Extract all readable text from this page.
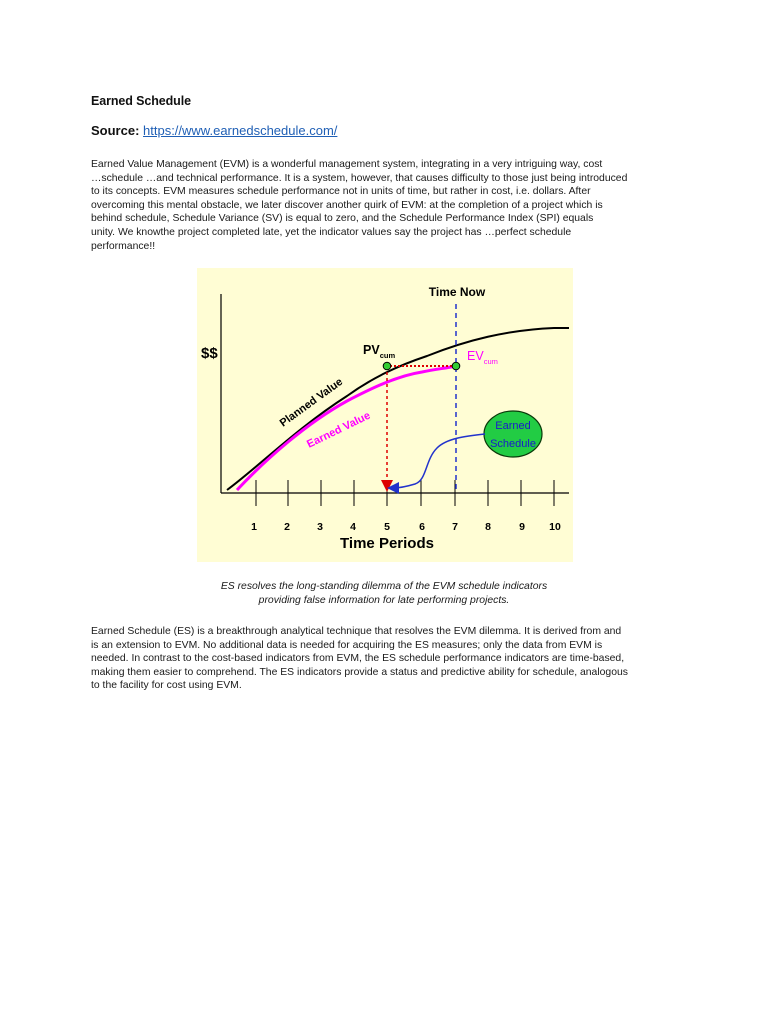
Earned Schedule
Source: https://www.earnedschedule.com/
Earned Value Management (EVM) is a wonderful management system, integrating in a very intriguing way, cost
…schedule …and technical performance. It is a system, however, that causes difficulty to those just being introduced
to its concepts. EVM measures schedule performance not in units of time, but rather in cost, i.e. dollars. After
overcoming this mental obstacle, we later discover another quirk of EVM: at the completion of a project which is
behind schedule, Schedule Variance (SV) is equal to zero, and the Schedule Performance Index (SPI) equals
unity. We knowthe project completed late, yet the indicator values say the project has …perfect schedule
performance!!
1	2	3	4	5	6	7	8	9 10
$$
Time Periods
Time Now
$PV_{cum}$	$EV_{cum}$
Planned Value
Earned Value	Earned
Schedule
ES resolves the long-standing dilemma of the EVM schedule indicators
providing false information for late performing projects.
Earned Schedule (ES) is a breakthrough analytical technique that resolves the EVM dilemma. It is derived from and
is an extension to EVM. No additional data is needed for acquiring the ES measures; only the data from EVM is
needed. In contrast to the cost-based indicators from EVM, the ES schedule performance indicators are time-based,
making them easier to comprehend. The ES indicators provide a status and predictive ability for schedule, analogous
to the facility for cost using EVM.
